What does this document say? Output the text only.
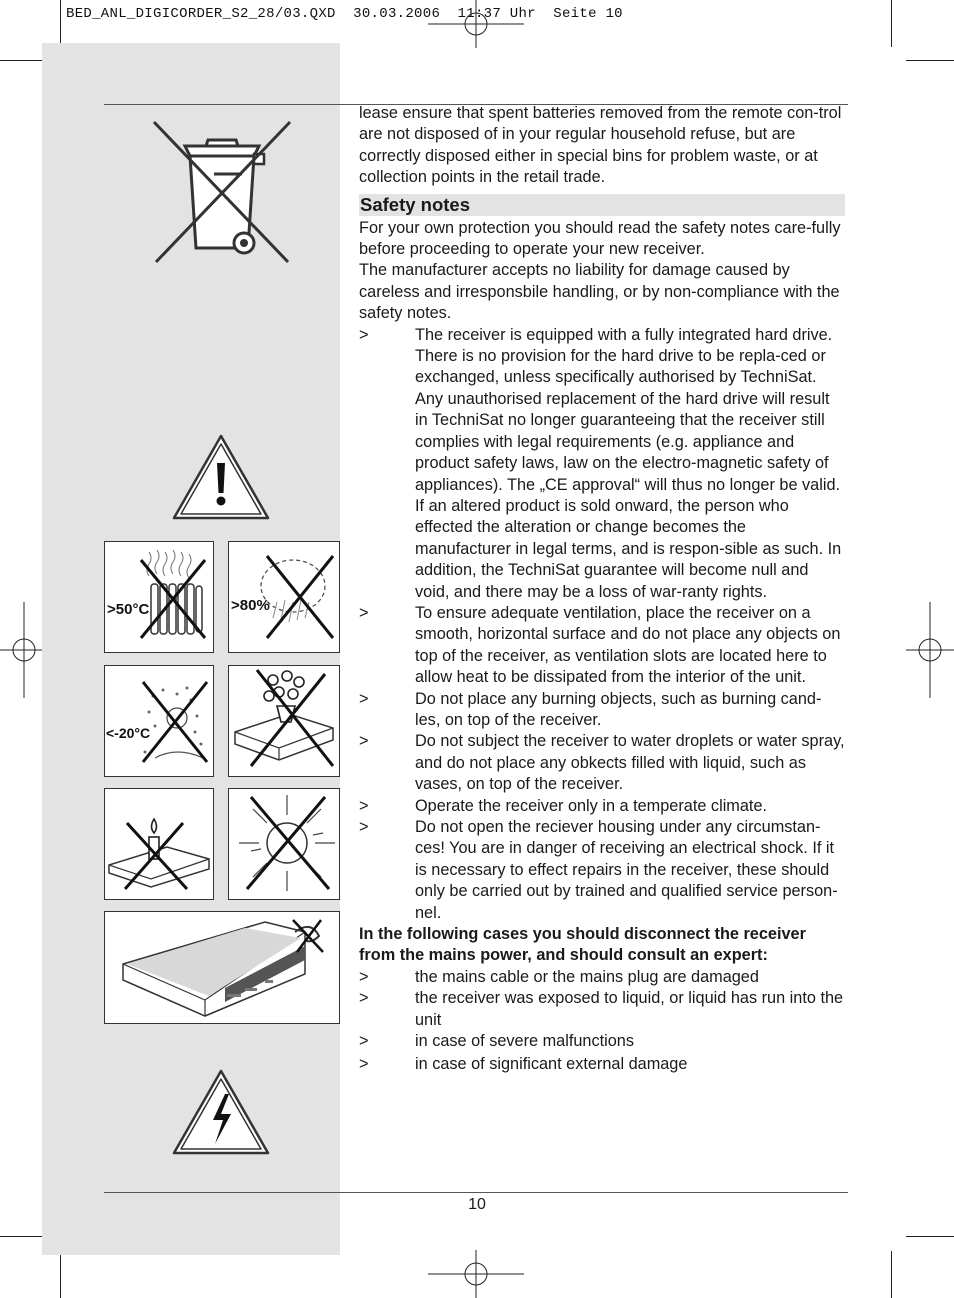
BED_ANL_DIGICORDER_S2_28/03.QXD  30.03.2006  11:37 Uhr  Seite 10
>50°C	>80%
<-20°C

lease ensure that spent batteries removed from the remote con-trol are not disposed of in your regular household refuse, but are correctly disposed either in special bins for problem waste, or at collection points in the retail trade.

Safety notes

For your own protection you should read the safety notes care-fully before proceeding to operate your new receiver.

The manufacturer accepts no liability for damage caused by careless and irresponsbile handling, or by non-compliance with the safety notes.

>	The receiver is equipped with a fully integrated hard drive. There is no provision for the hard drive to be repla-ced or exchanged, unless specifically authorised by TechniSat. Any unauthorised replacement of the hard drive will result in TechniSat no longer guaranteeing that the receiver still complies with legal requirements (e.g. appliance and product safety laws, law on the electro-magnetic safety of appliances). The „CE approval“ will thus no longer be valid. If an altered product is sold onward, the person who effected the alteration or change becomes the manufacturer in legal terms, and is respon-sible as such. In addition, the TechniSat guarantee will become null and void, and there may be a loss of war-ranty rights.
>	To ensure adequate ventilation, place the receiver on a smooth, horizontal surface and do not place any objects on top of the receiver, as ventilation slots are located here to allow heat to be dissipated from the interior of the unit.
>	Do not place any burning objects, such as burning cand-les, on top of the receiver.
>	Do not subject the receiver to water droplets or water spray, and do not place any obkects filled with liquid, such as vases, on top of the receiver.
>	Operate the receiver only in a temperate climate.
>	Do not open the reciever housing under any circumstan-ces! You are in danger of receiving an electrical shock. If it is necessary to effect repairs in the receiver, these should only be carried out by trained and qualified service person-nel.

In the following cases you should disconnect the receiver from the mains power, and should consult an expert:

>	the mains cable or the mains plug are damaged
>	the receiver was exposed to liquid, or liquid has run into the unit
>	in case of severe malfunctions
>	in case of significant external damage
10
